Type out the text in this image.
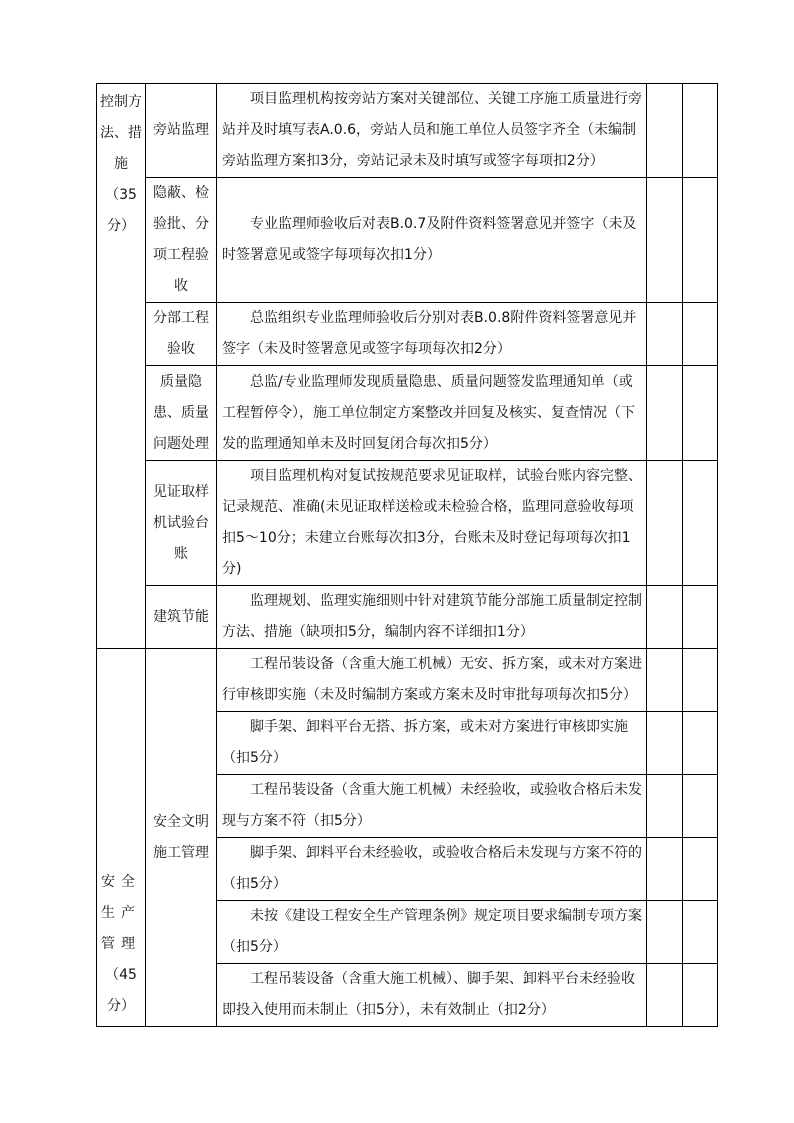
控制方法、措施
（35分）	旁站监理	项目监理机构按旁站方案对关键部位、关键工序施工质量进行旁站并及时填写表A.0.6，旁站人员和施工单位人员签字齐全（未编制旁站监理方案扣3分，旁站记录未及时填写或签字每项扣2分）		
	隐蔽、检验批、分项工程验收	专业监理师验收后对表B.0.7及附件资料签署意见并签字（未及时签署意见或签字每项每次扣1分）		
	分部工程验收	总监组织专业监理师验收后分别对表B.0.8附件资料签署意见并签字（未及时签署意见或签字每项每次扣2分）		
	质量隐患、质量问题处理	总监/专业监理师发现质量隐患、质量问题签发监理通知单（或工程暂停令），施工单位制定方案整改并回复及核实、复查情况（下发的监理通知单未及时回复闭合每次扣5分）		
	见证取样机试验台账	项目监理机构对复试按规范要求见证取样，试验台账内容完整、记录规范、准确(未见证取样送检或未检验合格，监理同意验收每项扣5～10分；未建立台账每次扣3分，台账未及时登记每项每次扣1分)		
	建筑节能	监理规划、监理实施细则中针对建筑节能分部施工质量制定控制方法、措施（缺项扣5分，编制内容不详细扣1分）		

安全生产管理
（45分）	安全文明施工管理	工程吊装设备（含重大施工机械）无安、拆方案，或未对方案进行审核即实施（未及时编制方案或方案未及时审批每项每次扣5分）		
		脚手架、卸料平台无搭、拆方案，或未对方案进行审核即实施（扣5分）		
		工程吊装设备（含重大施工机械）未经验收，或验收合格后未发现与方案不符（扣5分）		
		脚手架、卸料平台未经验收，或验收合格后未发现与方案不符的（扣5分）		
		未按《建设工程安全生产管理条例》规定项目要求编制专项方案（扣5分）		
		工程吊装设备（含重大施工机械）、脚手架、卸料平台未经验收即投入使用而未制止（扣5分），未有效制止（扣2分）		
